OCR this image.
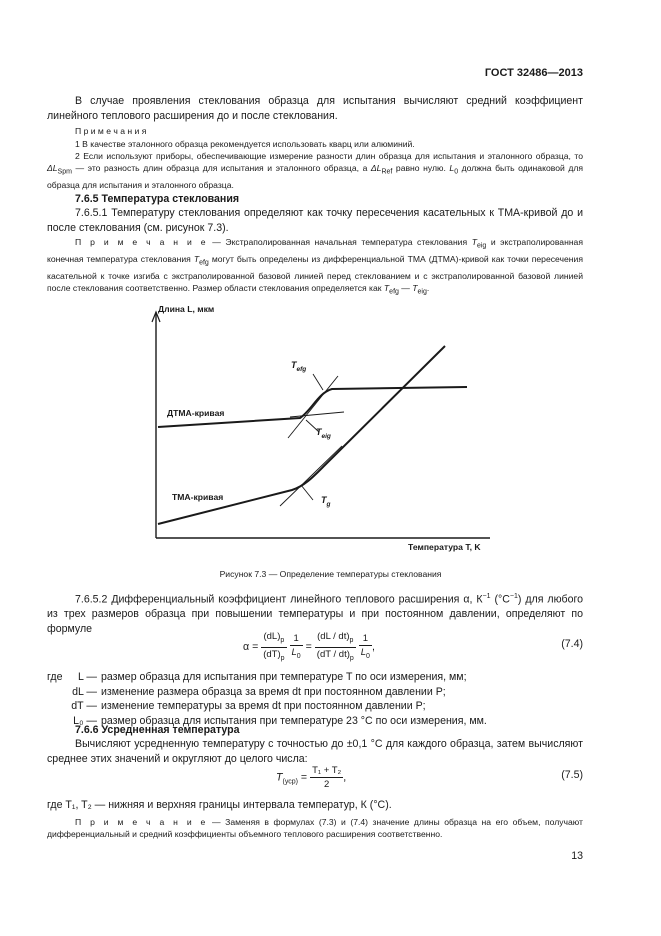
ГОСТ 32486—2013
В случае проявления стеклования образца для испытания вычисляют средний коэффициент линейного теплового расширения до и после стеклования.
П р и м е ч а н и я
1 В качестве эталонного образца рекомендуется использовать кварц или алюминий.
2 Если используют приборы, обеспечивающие измерение разности длин образца для испытания и эталонного образца, то $\Delta L_{Spm}$ — это разность длин образца для испытания и эталонного образца, а $\Delta L_{Ref}$ равно нулю. $L_0$ должна быть одинаковой для образца для испытания и эталонного образца.
7.6.5 Температура стеклования
7.6.5.1 Температуру стеклования определяют как точку пересечения касательных к ТМА-кривой до и после стеклования (см. рисунок 7.3).
П р и м е ч а н и е — Экстраполированная начальная температура стеклования $T_{eig}$ и экстраполированная конечная температура стеклования $T_{efg}$ могут быть определены из дифференциальной ТМА (ДТМА)-кривой как точки пересечения касательной к точке изгиба с экстраполированной базовой линией перед стеклованием и с экстраполированной базовой линией после стеклования соответственно. Размер области стеклования определяется как $T_{efg}$ — $T_{eig}$.
Длина L, мкм
Температура T, K
ДТМА-кривая
ТМА-кривая
$T_{efg}$
$T_{eig}$
$T_g$
Рисунок 7.3 — Определение температуры стеклования
7.6.5.2 Дифференциальный коэффициент линейного теплового расширения α, $К^{-1}$ $(^\circ С^{-1})$ для любого из трех размеров образца при повышении температуры и при постоянном давлении, определяют по формуле
$\alpha = \frac{(dL)_p}{(dT)_p}$
$\frac{1}{L_0} = \frac{(dL / dt)_p}{(dT / dt)_p}$
$\frac{1}{L_0}$ ,	(7.4)
где	L — размер образца для испытания при температуре T по оси измерения, мм;
dL — изменение размера образца за время dt при постоянном давлении P;
dT — изменение температуры за время dt при постоянном давлении P;
L₀ — размер образца для испытания при температуре 23 °С по оси измерения, мм.
7.6.6 Усредненная температура
Вычисляют усредненную температуру с точностью до ±0,1 °С для каждого образца, затем вычисляют среднее этих значений и округляют до целого числа:
$T_{(уср)} = \frac{\text{T₁ + T₂}}{2}$ ,	(7.5)
где T₁, T₂ — нижняя и верхняя границы интервала температур, К (°С).
П р и м е ч а н и е — Заменяя в формулах (7.3) и (7.4) значение длины образца на его объем, получают дифференциальный и средний коэффициенты объемного теплового расширения соответственно.
13
